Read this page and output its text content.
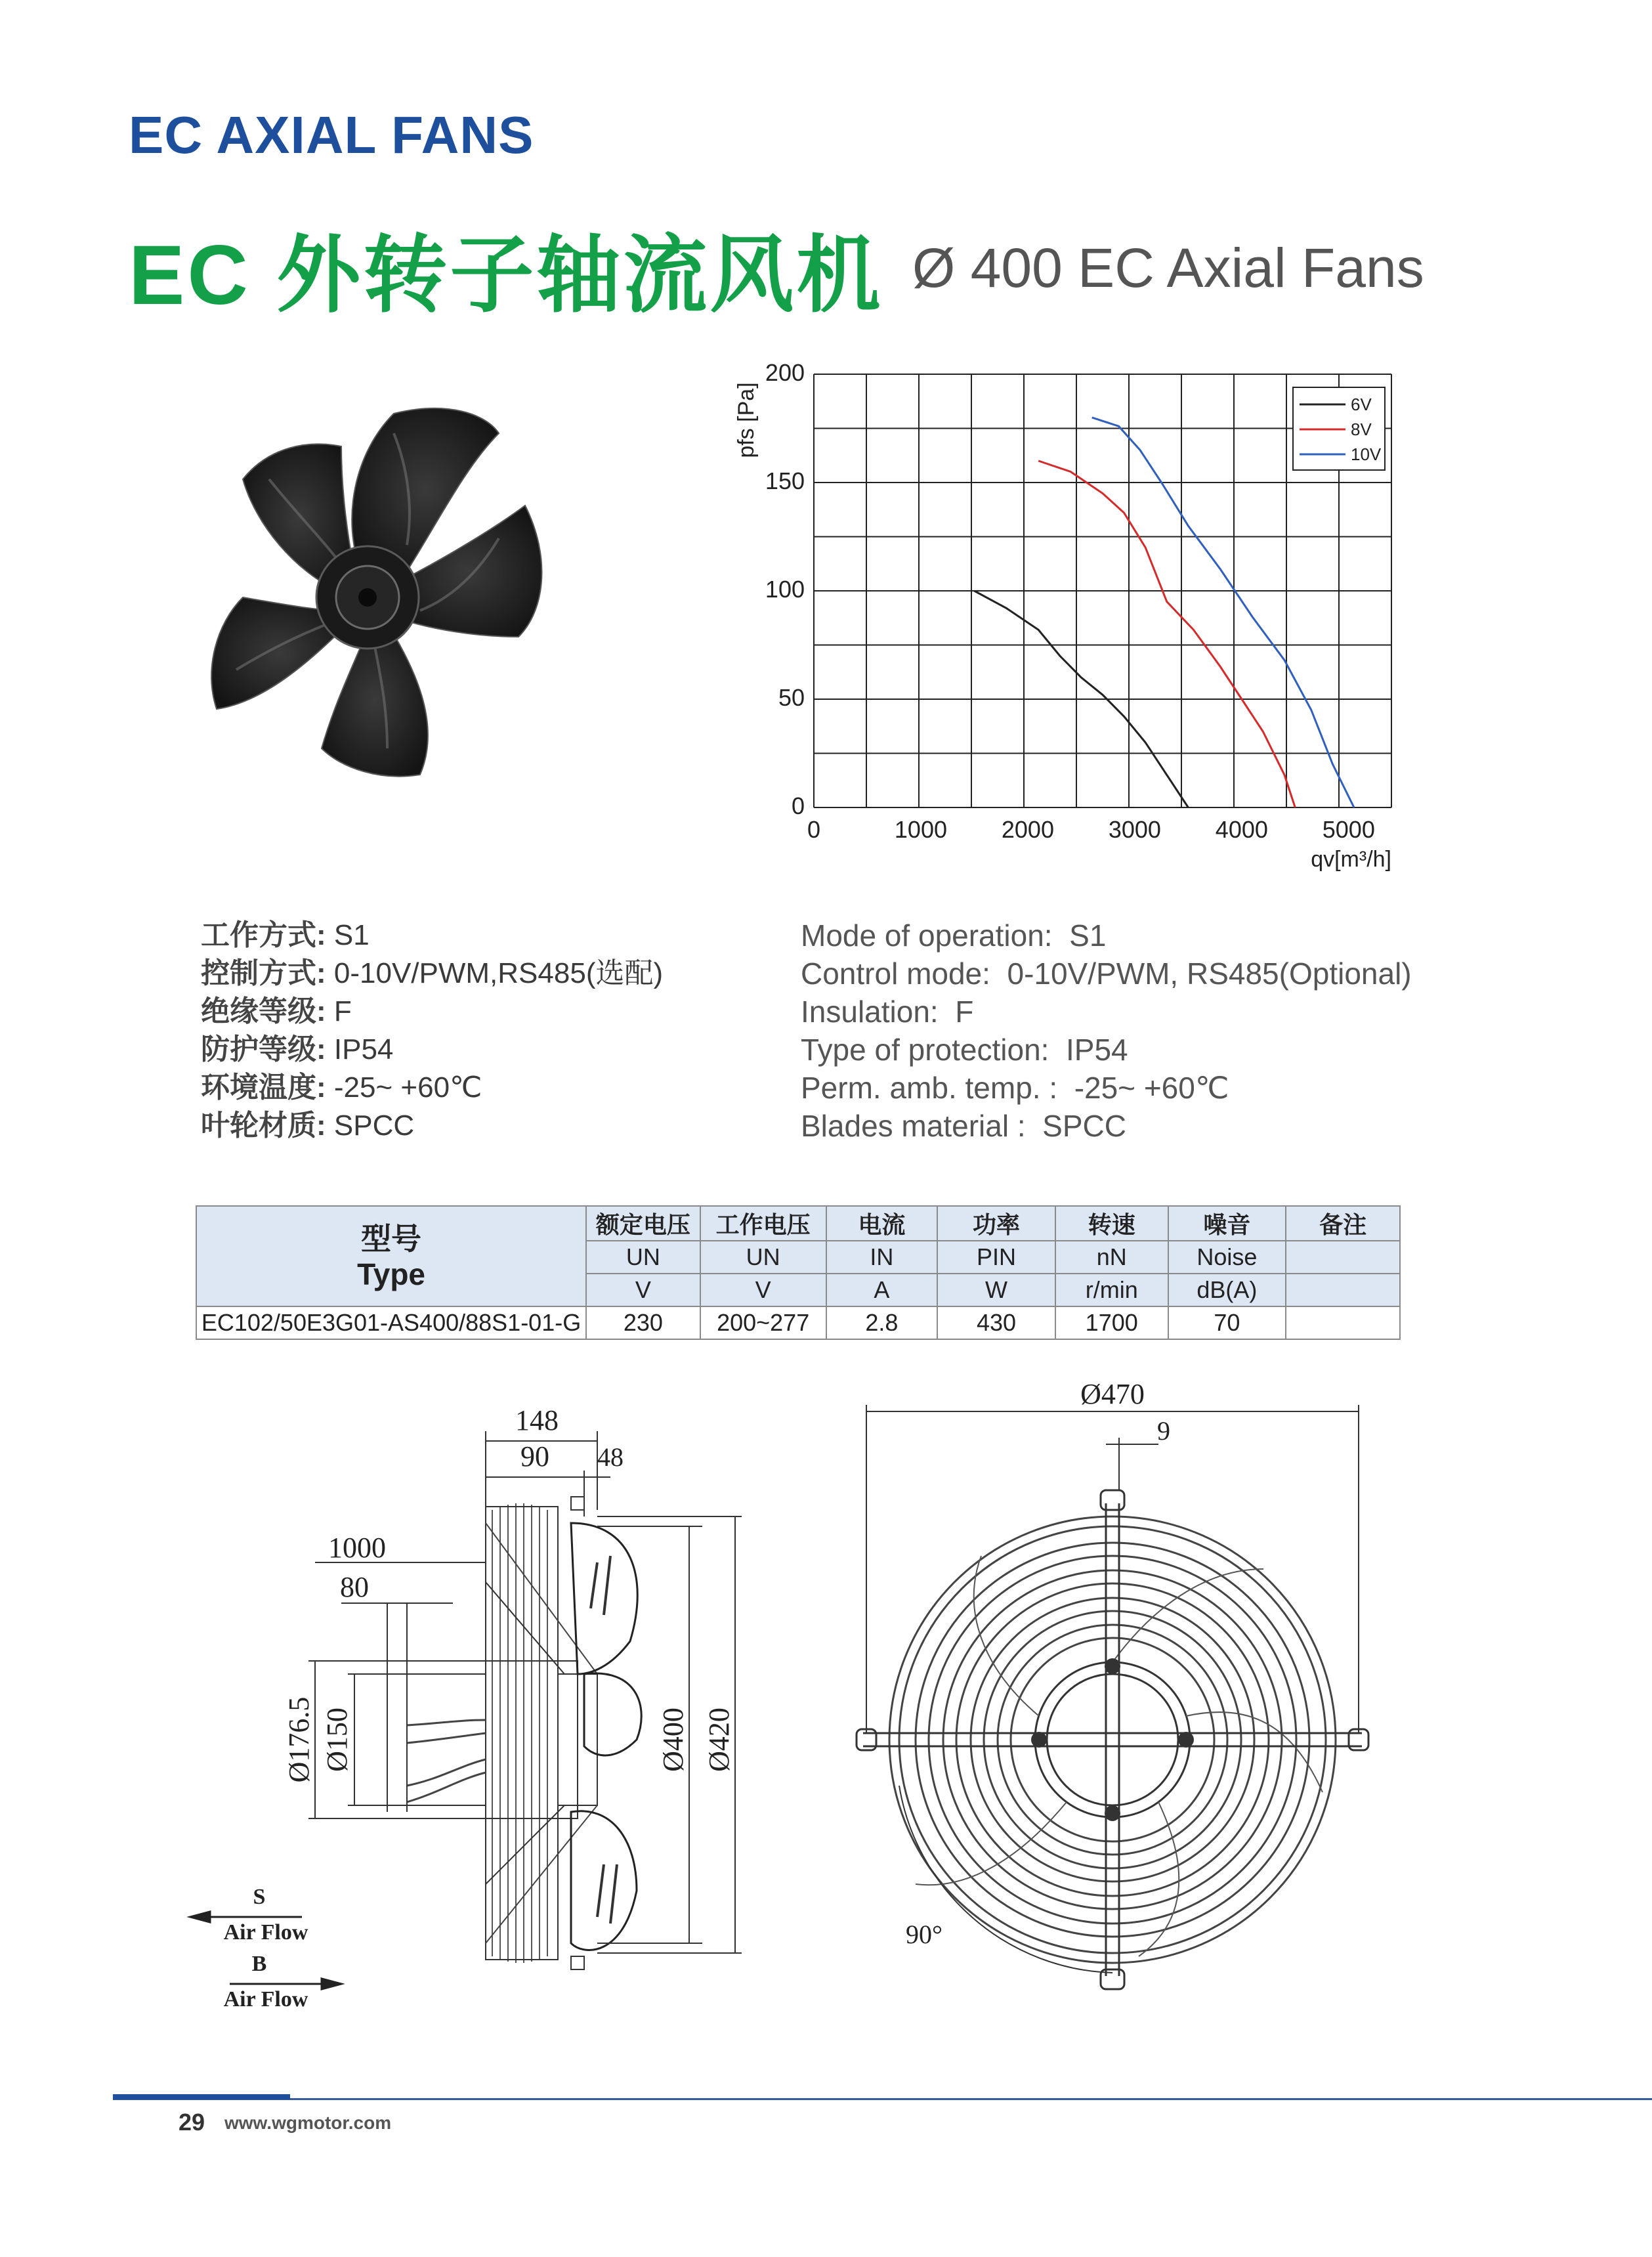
EC AXIAL FANS
EC 外转子轴流风机 Ø 400 EC Axial Fans
0	1000 2000 3000 4000 5000
0
50
100
150
200
6V
8V
10V
pfs [Pa]
qv[m³/h]
工作方式: S1
控制方式: 0-10V/PWM,RS485(选配)
绝缘等级: F
防护等级: IP54
环境温度: -25~ +60℃
叶轮材质: SPCC
Mode of operation: S1
Control mode: 0-10V/PWM, RS485(Optional)
Insulation: F
Type of protection: IP54
Perm. amb. temp. : -25~ +60℃
Blades material : SPCC
型号
Type	额定电压	工作电压	电流	功率	转速	噪音	备注
	UN	UN	IN	PIN	nN	Noise	
	V	V	A	W	r/min	dB(A)	
EC102/50E3G01-AS400/88S1-01-G	230	200~277	2.8	430	1700	70	
148
90 48
1000
80
Ø176.5 Ø150	Ø400 Ø420
S
Air Flow
B
Air Flow
Ø470
9
90°
29 www.wgmotor.com
